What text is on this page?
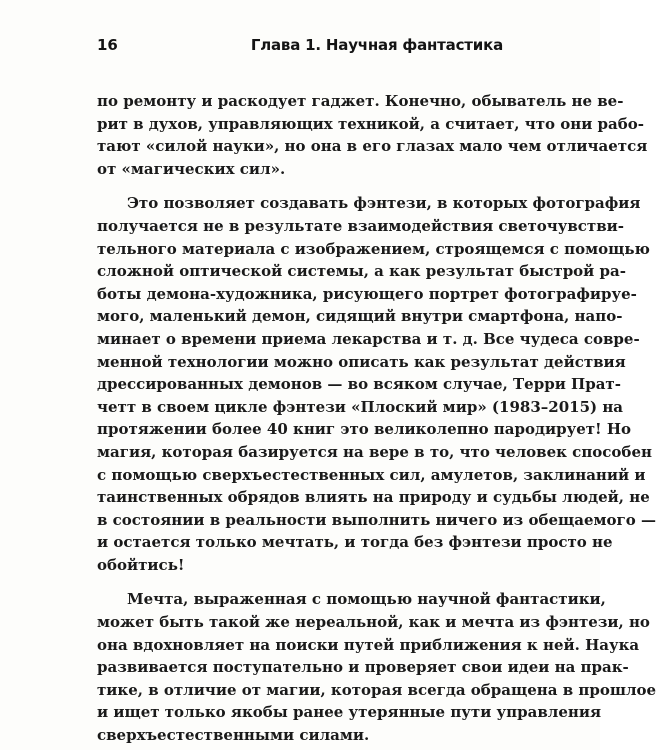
16	Глава 1. Научная фантастика
по ремонту и раскодует гаджет. Конечно, обыватель не ве-
рит в духов, управляющих техникой, а считает, что они рабо-
тают «силой науки», но она в его глазах мало чем отличается
от «магических сил».
Это позволяет создавать фэнтези, в которых фотография
получается не в результате взаимодействия светочувстви-
тельного материала с изображением, строящемся с помощью
сложной оптической системы, а как результат быстрой ра-
боты демона-художника, рисующего портрет фотографируе-
мого, маленький демон, сидящий внутри смартфона, напо-
минает о времени приема лекарства и т. д. Все чудеса совре-
менной технологии можно описать как результат действия
дрессированных демонов — во всяком случае, Терри Прат-
четт в своем цикле фэнтези «Плоский мир» (1983–2015) на
протяжении более 40 книг это великолепно пародирует! Но
магия, которая базируется на вере в то, что человек способен
с помощью сверхъестественных сил, амулетов, заклинаний и
таинственных обрядов влиять на природу и судьбы людей, не
в состоянии в реальности выполнить ничего из обещаемого —
и остается только мечтать, и тогда без фэнтези просто не
обойтись!
Мечта, выраженная с помощью научной фантастики,
может быть такой же нереальной, как и мечта из фэнтези, но
она вдохновляет на поиски путей приближения к ней. Наука
развивается поступательно и проверяет свои идеи на прак-
тике, в отличие от магии, которая всегда обращена в прошлое
и ищет только якобы ранее утерянные пути управления
сверхъестественными силами.
